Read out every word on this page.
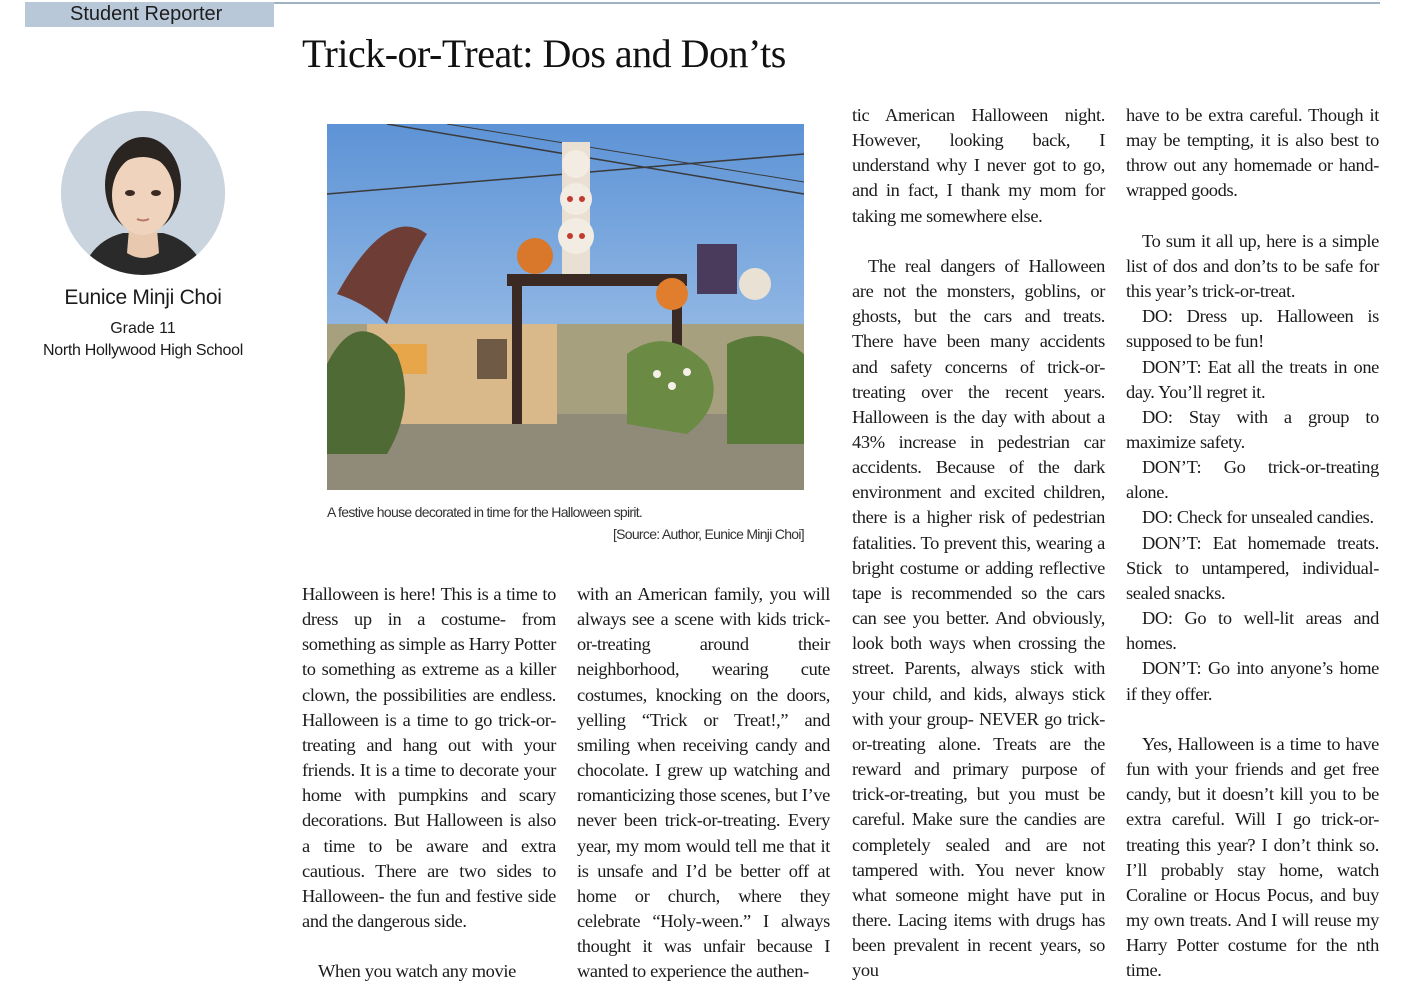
Student Reporter
Trick-or-Treat: Dos and Don’ts
Eunice Minji Choi
Grade 11
North Hollywood High School
A festive house decorated in time for the Halloween spirit.
[Source: Author, Eunice Minji Choi]

Halloween is here! This is a time to dress up in a costume- from something as simple as Harry Potter to something as extreme as a killer clown, the possibilities are endless. Halloween is a time to go trick-or-treating and hang out with your friends. It is a time to decorate your home with pumpkins and scary decorations. But Halloween is also a time to be aware and extra cautious. There are two sides to Halloween- the fun and festive side and the dangerous side.

When you watch any movie

with an American family, you will always see a scene with kids trick-or-treating around their neighborhood, wearing cute costumes, knocking on the doors, yelling “Trick or Treat!,” and smiling when receiving candy and chocolate. I grew up watching and romanticizing those scenes, but I’ve never been trick-or-treating. Every year, my mom would tell me that it is unsafe and I’d be better off at home or church, where they celebrate “Holy-ween.” I always thought it was unfair because I wanted to experience the authen-

tic American Halloween night. However, looking back, I understand why I never got to go, and in fact, I thank my mom for taking me somewhere else.

The real dangers of Halloween are not the monsters, goblins, or ghosts, but the cars and treats. There have been many accidents and safety concerns of trick-or-treating over the recent years. Halloween is the day with about a 43% increase in pedestrian car accidents. Because of the dark environment and excited children, there is a higher risk of pedestrian fatalities. To prevent this, wearing a bright costume or adding reflective tape is recommended so the cars can see you better. And obviously, look both ways when crossing the street. Parents, always stick with your child, and kids, always stick with your group- NEVER go trick-or-treating alone. Treats are the reward and primary purpose of trick-or-treating, but you must be careful. Make sure the candies are completely sealed and are not tampered with. You never know what someone might have put in there. Lacing items with drugs has been prevalent in recent years, so you

have to be extra careful. Though it may be tempting, it is also best to throw out any homemade or hand-wrapped goods.

To sum it all up, here is a simple list of dos and don’ts to be safe for this year’s trick-or-treat.

DO: Dress up. Halloween is supposed to be fun!

DON’T: Eat all the treats in one day. You’ll regret it.

DO: Stay with a group to maximize safety.

DON’T: Go trick-or-treating alone.

DO: Check for unsealed candies.

DON’T: Eat homemade treats. Stick to untampered, individual-sealed snacks.

DO: Go to well-lit areas and homes.

DON’T: Go into anyone’s home if they offer.

Yes, Halloween is a time to have fun with your friends and get free candy, but it doesn’t kill you to be extra careful. Will I go trick-or-treating this year? I don’t think so. I’ll probably stay home, watch Coraline or Hocus Pocus, and buy my own treats. And I will reuse my Harry Potter costume for the nth time.
